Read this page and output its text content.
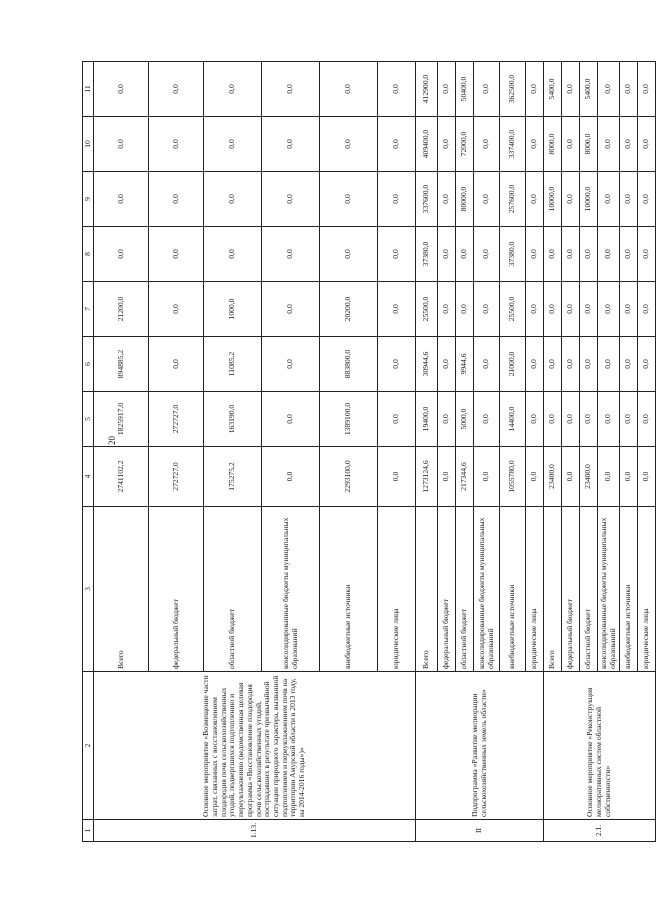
20
1	2	3	4	5	6	7	8	9	10	11
1.13.	Основное мероприятие «Возмещение части затрат, связанных с восстановлением плодородия почв сельскохозяйственных угодий, подвергшихся подтоплению и переувлажнению (ведомственная целевая программа «Восстановление плодородия почв сельскохозяйственных угодий, пострадавших в результате чрезвычайной ситуации природного характера, вызванной подтоплением и переувлажнением почв на территории Амурской области в 2013 году, на 2014-2016 годы»)»	Всего	2741102,2	1825917,0	894885,2	21200,0	0,0	0,0	0,0	0,0
		федеральный бюджет	272727,0	272727,0	0,0	0,0	0,0	0,0	0,0	0,0
		областной бюджет	175275,2	163190,0	11085,2	1000,0	0,0	0,0	0,0	0,0
		консолидированные бюджеты муниципальных образований	0,0	0,0	0,0	0,0	0,0	0,0	0,0	0,0
		внебюджетные источники	2293100,0	1389100,0	883800,0	20200,0	0,0	0,0	0,0	0,0
		юридические лица	0,0	0,0	0,0	0,0	0,0	0,0	0,0	0,0
II	Подпрограмма «Развитие мелиорации сельскохозяйственных земель области»	Всего	1273124,6	19400,0	30944,6	25500,0	37380,0	337600,0	409400,0	412900,0
		федеральный бюджет	0,0	0,0	0,0	0,0	0,0	0,0	0,0	0,0
		областной бюджет	217344,6	5000,0	9944,6	0,0	0,0	80000,0	72000,0	50400,0
		консолидированные бюджеты муниципальных образований	0,0	0,0	0,0	0,0	0,0	0,0	0,0	0,0
		внебюджетные источники	1055780,0	14400,0	21000,0	25500,0	37380,0	257600,0	337400,0	362500,0
		юридические лица	0,0	0,0	0,0	0,0	0,0	0,0	0,0	0,0
2.1.	Основное мероприятие «Реконструкция мелиоративных систем областной собственности»	Всего	23400,0	0,0	0,0	0,0	0,0	10000,0	8000,0	5400,0
		федеральный бюджет	0,0	0,0	0,0	0,0	0,0	0,0	0,0	0,0
		областной бюджет	23400,0	0,0	0,0	0,0	0,0	10000,0	8000,0	5400,0
		консолидированные бюджеты муниципальных образований	0,0	0,0	0,0	0,0	0,0	0,0	0,0	0,0
		внебюджетные источники	0,0	0,0	0,0	0,0	0,0	0,0	0,0	0,0
		юридические лица	0,0	0,0	0,0	0,0	0,0	0,0	0,0	0,0
